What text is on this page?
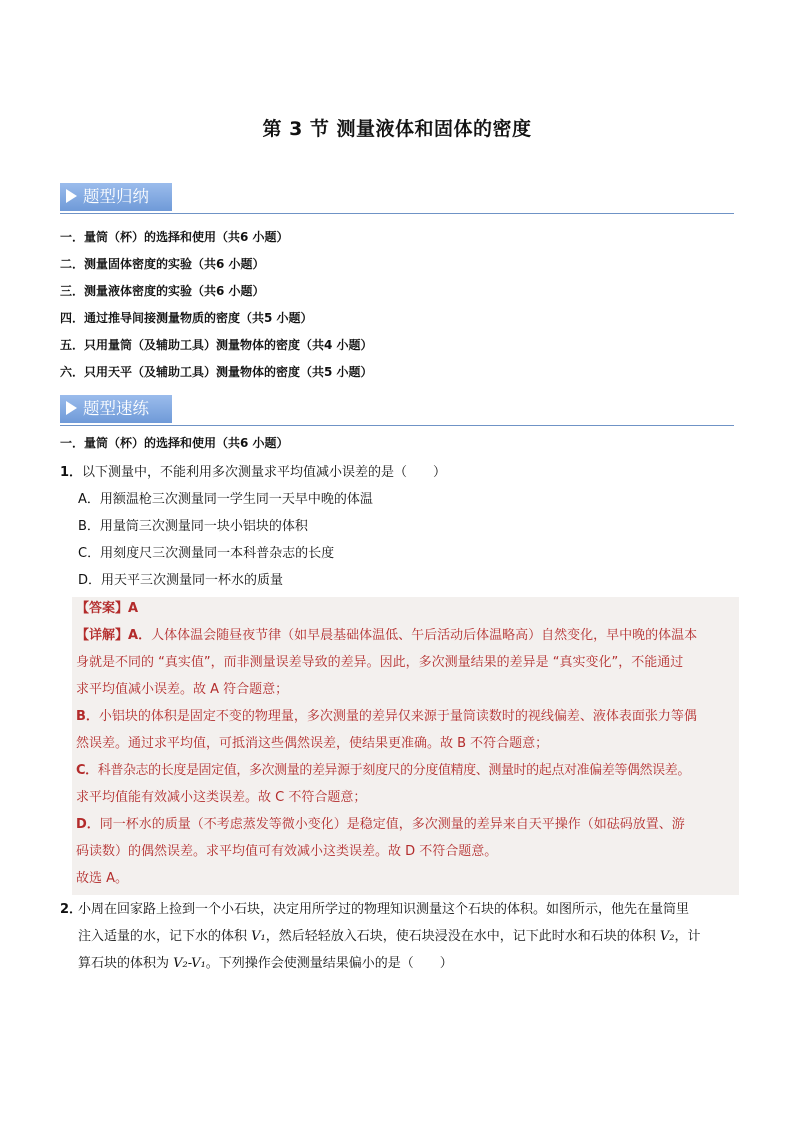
第 3 节 测量液体和固体的密度
题型归纳
一．量筒（杯）的选择和使用（共6 小题）
二．测量固体密度的实验（共6 小题）
三．测量液体密度的实验（共6 小题）
四．通过推导间接测量物质的密度（共5 小题）
五．只用量筒（及辅助工具）测量物体的密度（共4 小题）
六．只用天平（及辅助工具）测量物体的密度（共5 小题）
题型速练
一．量筒（杯）的选择和使用（共6 小题）
1．以下测量中，不能利用多次测量求平均值减小误差的是（　　）
A．用额温枪三次测量同一学生同一天早中晚的体温
B．用量筒三次测量同一块小铝块的体积
C．用刻度尺三次测量同一本科普杂志的长度
D．用天平三次测量同一杯水的质量
【答案】A
【详解】A．人体体温会随昼夜节律（如早晨基础体温低、午后活动后体温略高）自然变化，早中晚的体温本
身就是不同的 “真实值”，而非测量误差导致的差异。因此，多次测量结果的差异是 “真实变化”，不能通过
求平均值减小误差。故 A 符合题意；
B．小铝块的体积是固定不变的物理量，多次测量的差异仅来源于量筒读数时的视线偏差、液体表面张力等偶
然误差。通过求平均值，可抵消这些偶然误差，使结果更准确。故 B 不符合题意；
C．科普杂志的长度是固定值，多次测量的差异源于刻度尺的分度值精度、测量时的起点对准偏差等偶然误差。
求平均值能有效减小这类误差。故 C 不符合题意；
D．同一杯水的质量（不考虑蒸发等微小变化）是稳定值，多次测量的差异来自天平操作（如砝码放置、游
码读数）的偶然误差。求平均值可有效减小这类误差。故 D 不符合题意。
故选 A。
2．小周在回家路上捡到一个小石块，决定用所学过的物理知识测量这个石块的体积。如图所示，他先在量筒里
注入适量的水，记下水的体积 V₁，然后轻轻放入石块，使石块浸没在水中，记下此时水和石块的体积 V₂，计
算石块的体积为 V₂-V₁。下列操作会使测量结果偏小的是（　　）
